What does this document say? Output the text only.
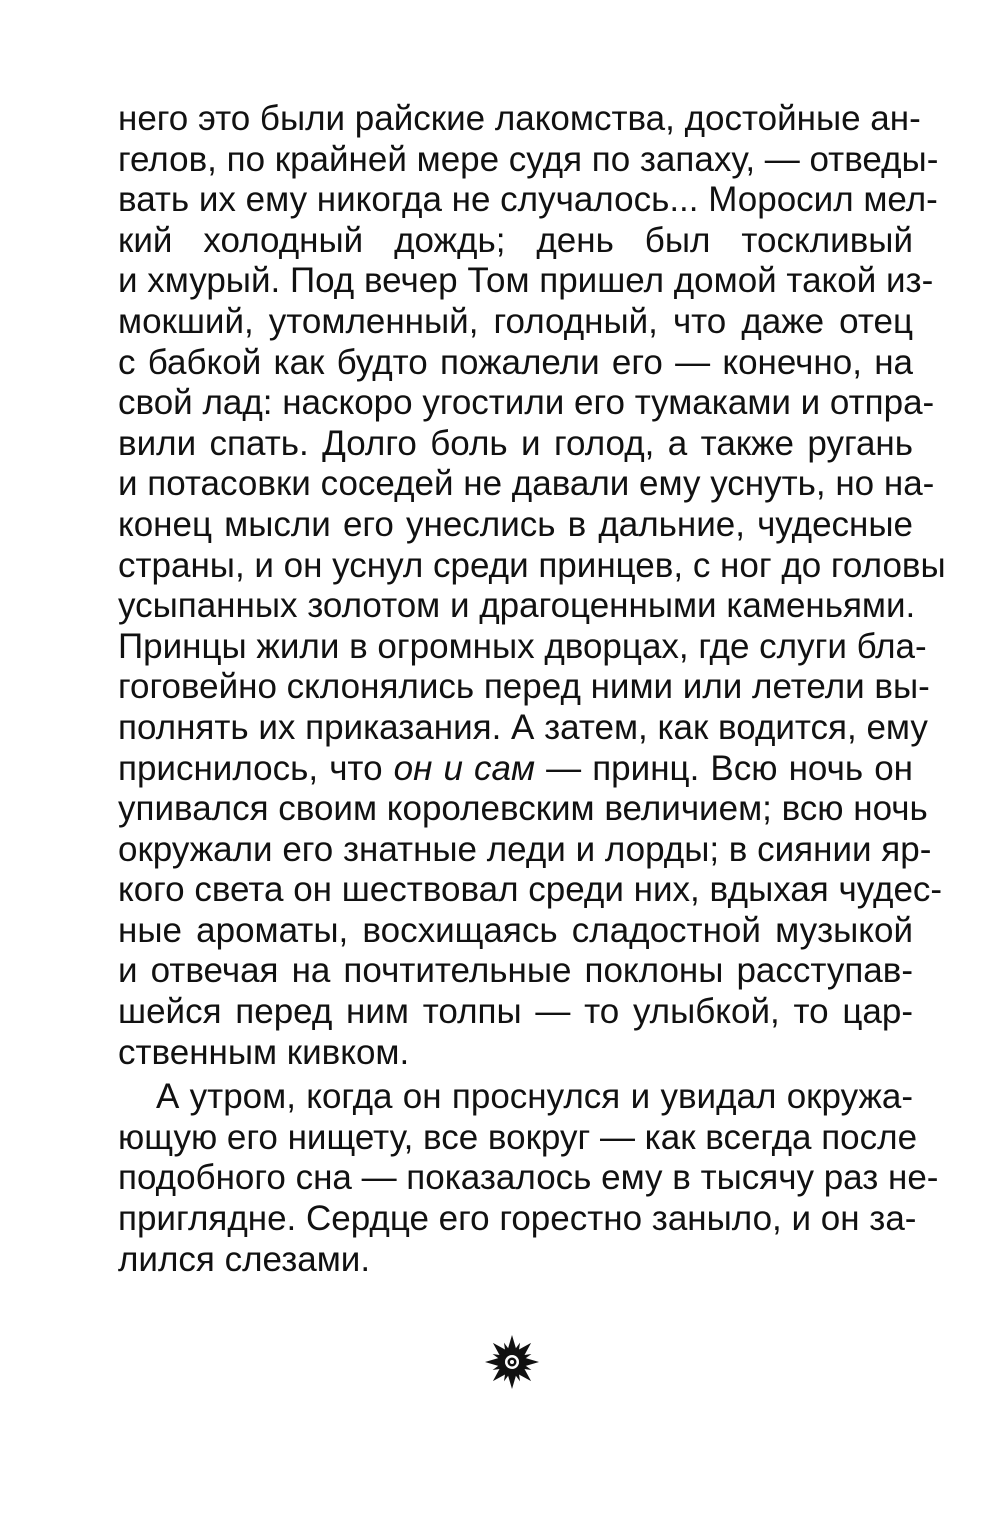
него это были райские лакомства, достойные ан-
гелов, по крайней мере судя по запаху, — отведы-
вать их ему никогда не случалось... Моросил мел-
кий холодный дождь; день был тоскливый
и хмурый. Под вечер Том пришел домой такой из-
мокший, утомленный, голодный, что даже отец
с бабкой как будто пожалели его — конечно, на
свой лад: наскоро угостили его тумаками и отпра-
вили спать. Долго боль и голод, а также ругань
и потасовки соседей не давали ему уснуть, но на-
конец мысли его унеслись в дальние, чудесные
страны, и он уснул среди принцев, с ног до головы
усыпанных золотом и драгоценными каменьями.
Принцы жили в огромных дворцах, где слуги бла-
гоговейно склонялись перед ними или летели вы-
полнять их приказания. А затем, как водится, ему
приснилось, что он и сам — принц. Всю ночь он
упивался своим королевским величием; всю ночь
окружали его знатные леди и лорды; в сиянии яр-
кого света он шествовал среди них, вдыхая чудес-
ные ароматы, восхищаясь сладостной музыкой
и отвечая на почтительные поклоны расступав-
шейся перед ним толпы — то улыбкой, то цар-
ственным кивком.
А утром, когда он проснулся и увидал окружа-
ющую его нищету, все вокруг — как всегда после
подобного сна — показалось ему в тысячу раз не-
приглядне. Сердце его горестно заныло, и он за-
лился слезами.
